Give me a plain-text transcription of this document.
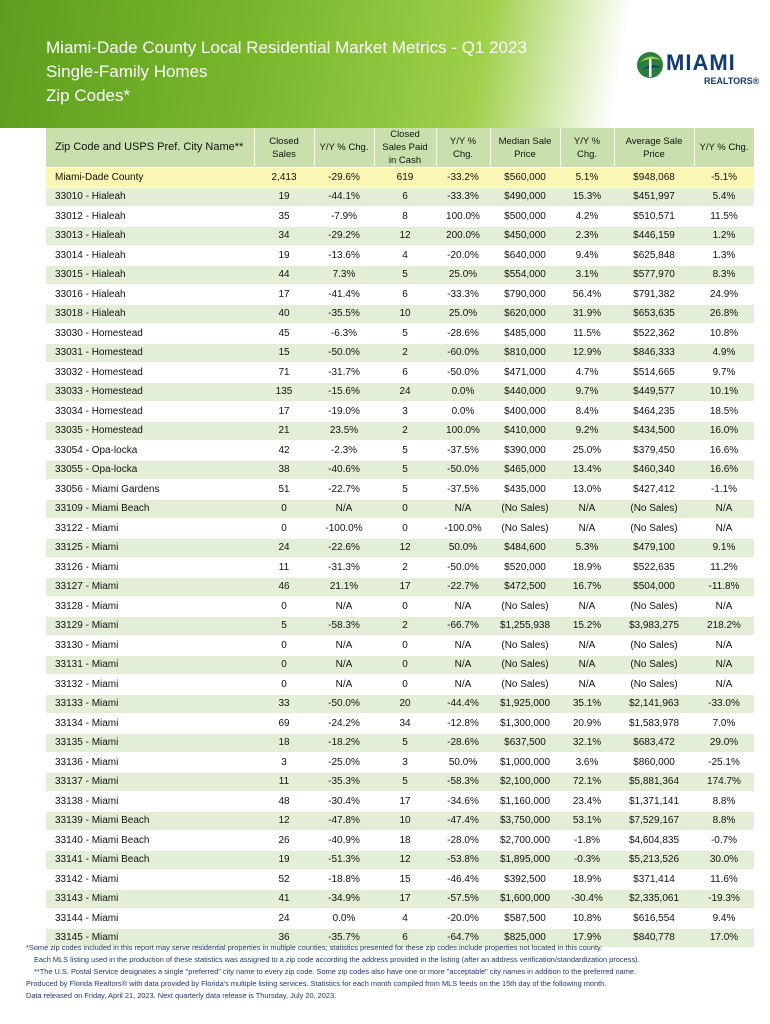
Miami-Dade County Local Residential Market Metrics - Q1 2023
Single-Family Homes
Zip Codes*
MIAMI
REALTORS®
Zip Code and USPS Pref. City Name**	Closed Sales	Y/Y % Chg.	Closed Sales Paid in Cash	Y/Y % Chg.	Median Sale Price	Y/Y % Chg.	Average Sale Price	Y/Y % Chg.
Miami-Dade County	2,413	-29.6%	619	-33.2%	$560,000	5.1%	$948,068	-5.1%
33010 - Hialeah	19	-44.1%	6	-33.3%	$490,000	15.3%	$451,997	5.4%
33012 - Hialeah	35	-7.9%	8	100.0%	$500,000	4.2%	$510,571	11.5%
33013 - Hialeah	34	-29.2%	12	200.0%	$450,000	2.3%	$446,159	1.2%
33014 - Hialeah	19	-13.6%	4	-20.0%	$640,000	9.4%	$625,848	1.3%
33015 - Hialeah	44	7.3%	5	25.0%	$554,000	3.1%	$577,970	8.3%
33016 - Hialeah	17	-41.4%	6	-33.3%	$790,000	56.4%	$791,382	24.9%
33018 - Hialeah	40	-35.5%	10	25.0%	$620,000	31.9%	$653,635	26.8%
33030 - Homestead	45	-6.3%	5	-28.6%	$485,000	11.5%	$522,362	10.8%
33031 - Homestead	15	-50.0%	2	-60.0%	$810,000	12.9%	$846,333	4.9%
33032 - Homestead	71	-31.7%	6	-50.0%	$471,000	4.7%	$514,665	9.7%
33033 - Homestead	135	-15.6%	24	0.0%	$440,000	9.7%	$449,577	10.1%
33034 - Homestead	17	-19.0%	3	0.0%	$400,000	8.4%	$464,235	18.5%
33035 - Homestead	21	23.5%	2	100.0%	$410,000	9.2%	$434,500	16.0%
33054 - Opa-locka	42	-2.3%	5	-37.5%	$390,000	25.0%	$379,450	16.6%
33055 - Opa-locka	38	-40.6%	5	-50.0%	$465,000	13.4%	$460,340	16.6%
33056 - Miami Gardens	51	-22.7%	5	-37.5%	$435,000	13.0%	$427,412	-1.1%
33109 - Miami Beach	0	N/A	0	N/A	(No Sales)	N/A	(No Sales)	N/A
33122 - Miami	0	-100.0%	0	-100.0%	(No Sales)	N/A	(No Sales)	N/A
33125 - Miami	24	-22.6%	12	50.0%	$484,600	5.3%	$479,100	9.1%
33126 - Miami	11	-31.3%	2	-50.0%	$520,000	18.9%	$522,635	11.2%
33127 - Miami	46	21.1%	17	-22.7%	$472,500	16.7%	$504,000	-11.8%
33128 - Miami	0	N/A	0	N/A	(No Sales)	N/A	(No Sales)	N/A
33129 - Miami	5	-58.3%	2	-66.7%	$1,255,938	15.2%	$3,983,275	218.2%
33130 - Miami	0	N/A	0	N/A	(No Sales)	N/A	(No Sales)	N/A
33131 - Miami	0	N/A	0	N/A	(No Sales)	N/A	(No Sales)	N/A
33132 - Miami	0	N/A	0	N/A	(No Sales)	N/A	(No Sales)	N/A
33133 - Miami	33	-50.0%	20	-44.4%	$1,925,000	35.1%	$2,141,963	-33.0%
33134 - Miami	69	-24.2%	34	-12.8%	$1,300,000	20.9%	$1,583,978	7.0%
33135 - Miami	18	-18.2%	5	-28.6%	$637,500	32.1%	$683,472	29.0%
33136 - Miami	3	-25.0%	3	50.0%	$1,000,000	3.6%	$860,000	-25.1%
33137 - Miami	11	-35.3%	5	-58.3%	$2,100,000	72.1%	$5,881,364	174.7%
33138 - Miami	48	-30.4%	17	-34.6%	$1,160,000	23.4%	$1,371,141	8.8%
33139 - Miami Beach	12	-47.8%	10	-47.4%	$3,750,000	53.1%	$7,529,167	8.8%
33140 - Miami Beach	26	-40.9%	18	-28.0%	$2,700,000	-1.8%	$4,604,835	-0.7%
33141 - Miami Beach	19	-51.3%	12	-53.8%	$1,895,000	-0.3%	$5,213,526	30.0%
33142 - Miami	52	-18.8%	15	-46.4%	$392,500	18.9%	$371,414	11.6%
33143 - Miami	41	-34.9%	17	-57.5%	$1,600,000	-30.4%	$2,335,061	-19.3%
33144 - Miami	24	0.0%	4	-20.0%	$587,500	10.8%	$616,554	9.4%
33145 - Miami	36	-35.7%	6	-64.7%	$825,000	17.9%	$840,778	17.0%
*Some zip codes included in this report may serve residential properties in multiple counties; statistics presented for these zip codes include properties not located in this county.
Each MLS listing used in the production of these statistics was assigned to a zip code according the address provided in the listing (after an address verification/standardization process).
**The U.S. Postal Service designates a single "preferred" city name to every zip code. Some zip codes also have one or more "acceptable" city names in addition to the preferred name.
Produced by Florida Realtors® with data provided by Florida's multiple listing services. Statistics for each month compiled from MLS feeds on the 15th day of the following month.
Data released on Friday, April 21, 2023. Next quarterly data release is Thursday, July 20, 2023.
